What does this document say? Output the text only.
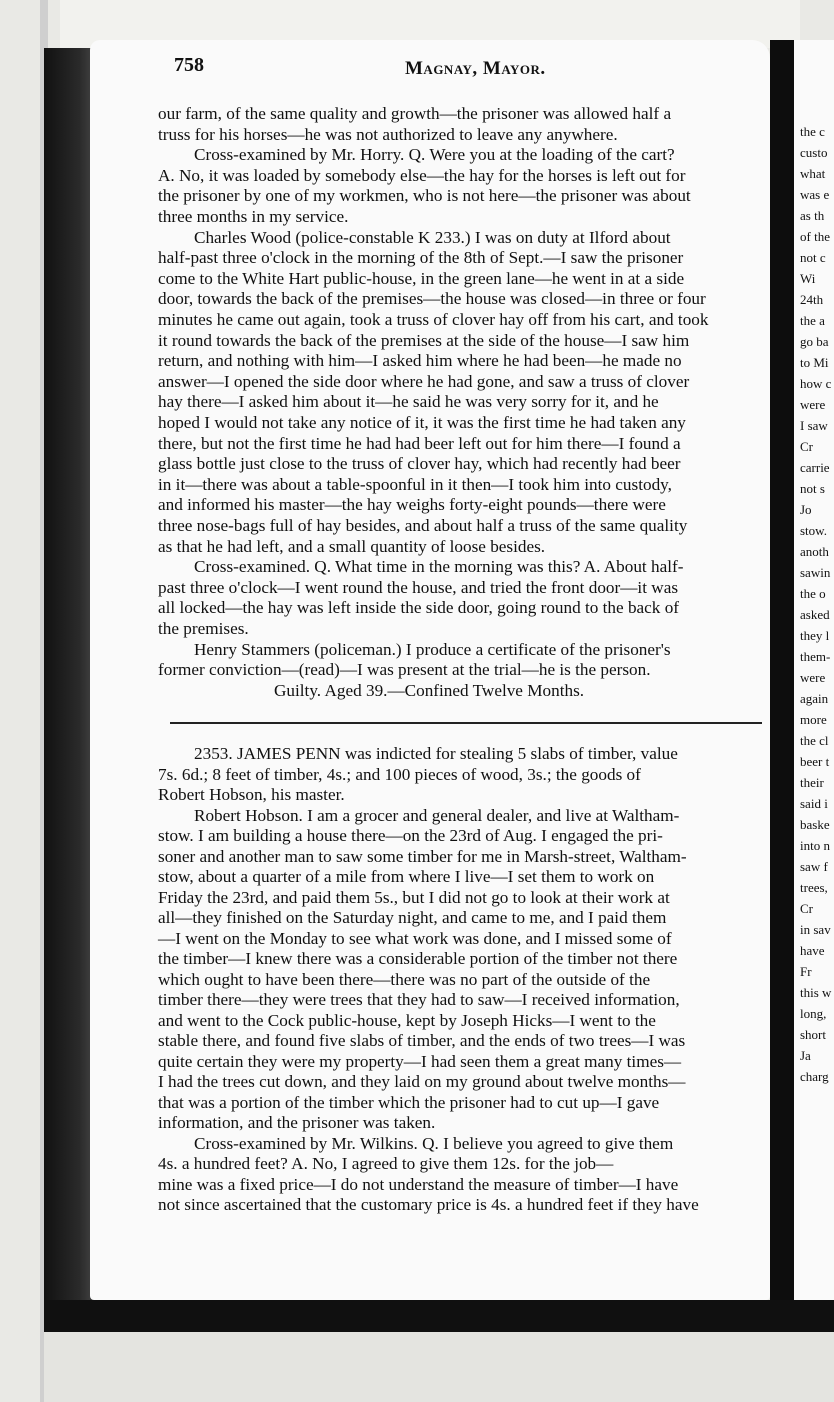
the c
custo
what
was e
as th
of the
not c
Wi
24th
the a
go ba
to Mi
how c
were
I saw
Cr
carrie
not s
Jo
stow.
anoth
sawin
the o
asked
they l
them-
were
again
more
the cl
beer t
their
said i
baske
into n
saw f
trees,
Cr
in sav
have
Fr
this w
long,
short
Ja
charg
758	Magnay, Mayor.
our farm, of the same quality and growth—the prisoner was allowed half a
truss for his horses—he was not authorized to leave any anywhere.
Cross-examined by Mr. Horry. Q. Were you at the loading of the cart?
A. No, it was loaded by somebody else—the hay for the horses is left out for
the prisoner by one of my workmen, who is not here—the prisoner was about
three months in my service.
Charles Wood (police-constable K 233.) I was on duty at Ilford about
half-past three o'clock in the morning of the 8th of Sept.—I saw the prisoner
come to the White Hart public-house, in the green lane—he went in at a side
door, towards the back of the premises—the house was closed—in three or four
minutes he came out again, took a truss of clover hay off from his cart, and took
it round towards the back of the premises at the side of the house—I saw him
return, and nothing with him—I asked him where he had been—he made no
answer—I opened the side door where he had gone, and saw a truss of clover
hay there—I asked him about it—he said he was very sorry for it, and he
hoped I would not take any notice of it, it was the first time he had taken any
there, but not the first time he had had beer left out for him there—I found a
glass bottle just close to the truss of clover hay, which had recently had beer
in it—there was about a table-spoonful in it then—I took him into custody,
and informed his master—the hay weighs forty-eight pounds—there were
three nose-bags full of hay besides, and about half a truss of the same quality
as that he had left, and a small quantity of loose besides.
Cross-examined. Q. What time in the morning was this? A. About half-
past three o'clock—I went round the house, and tried the front door—it was
all locked—the hay was left inside the side door, going round to the back of
the premises.
Henry Stammers (policeman.) I produce a certificate of the prisoner's
former conviction—(read)—I was present at the trial—he is the person.
Guilty. Aged 39.—Confined Twelve Months.
2353. JAMES PENN was indicted for stealing 5 slabs of timber, value
7s. 6d.; 8 feet of timber, 4s.; and 100 pieces of wood, 3s.; the goods of
Robert Hobson, his master.
Robert Hobson. I am a grocer and general dealer, and live at Waltham-
stow. I am building a house there—on the 23rd of Aug. I engaged the pri-
soner and another man to saw some timber for me in Marsh-street, Waltham-
stow, about a quarter of a mile from where I live—I set them to work on
Friday the 23rd, and paid them 5s., but I did not go to look at their work at
all—they finished on the Saturday night, and came to me, and I paid them
—I went on the Monday to see what work was done, and I missed some of
the timber—I knew there was a considerable portion of the timber not there
which ought to have been there—there was no part of the outside of the
timber there—they were trees that they had to saw—I received information,
and went to the Cock public-house, kept by Joseph Hicks—I went to the
stable there, and found five slabs of timber, and the ends of two trees—I was
quite certain they were my property—I had seen them a great many times—
I had the trees cut down, and they laid on my ground about twelve months—
that was a portion of the timber which the prisoner had to cut up—I gave
information, and the prisoner was taken.
Cross-examined by Mr. Wilkins. Q. I believe you agreed to give them
4s. a hundred feet? A. No, I agreed to give them 12s. for the job—
mine was a fixed price—I do not understand the measure of timber—I have
not since ascertained that the customary price is 4s. a hundred feet if they have
